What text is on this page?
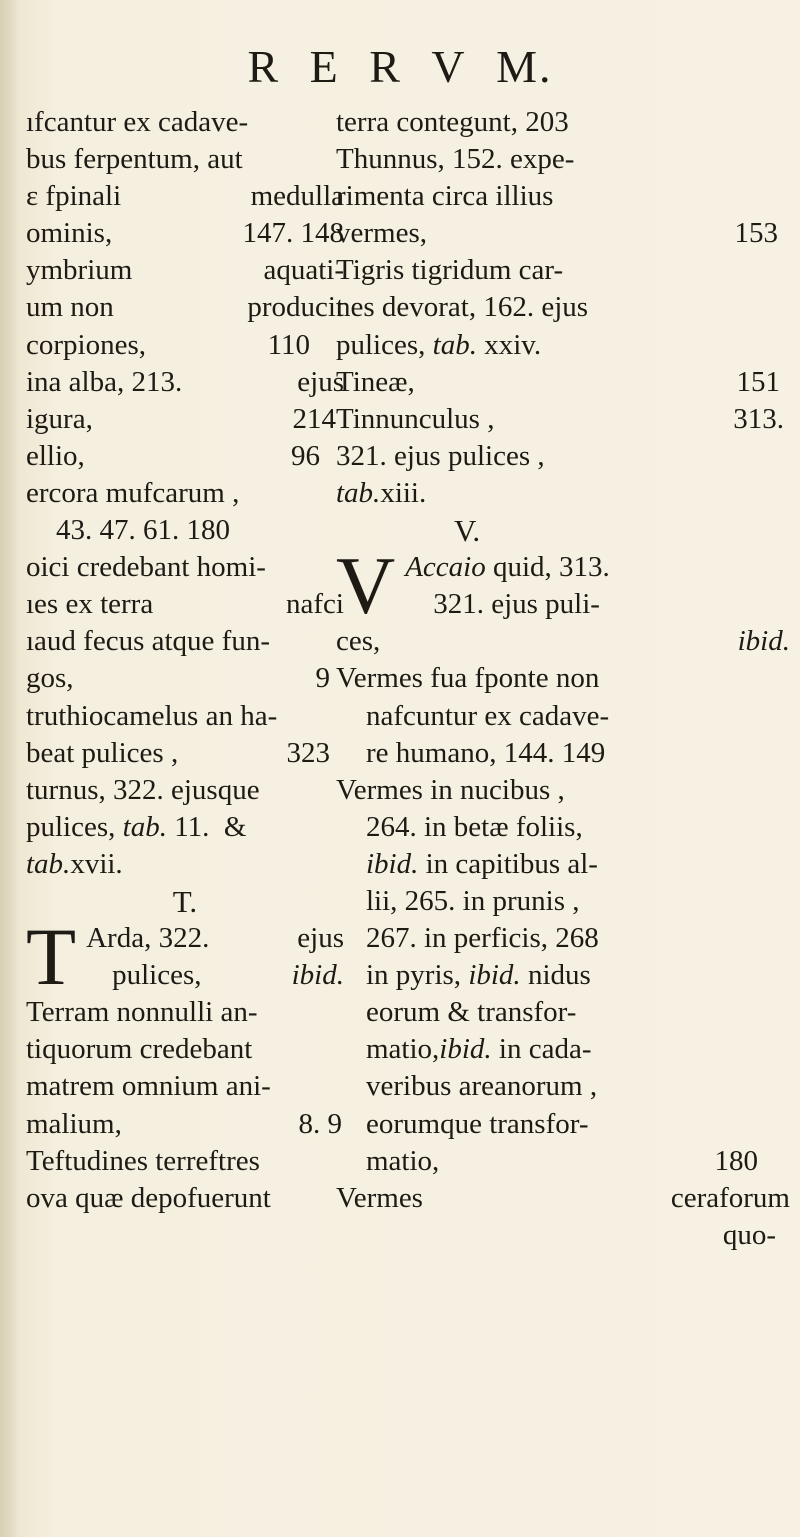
R E R V M.
ıfcantur ex cadave-
bus ferpentum, aut
ɛ fpinali	medulla
ominis,	147. 148
ymbrium	aquati-
um non	producit
corpiones,	110
ina alba, 213.	ejus
igura,	214
ellio,	96
ercora mufcarum ,
43. 47. 61. 180
oici credebant homi-
ıes ex terra	nafci
ıaud fecus atque fun-
gos,	9
truthiocamelus an ha-
beat pulices ,	323
turnus, 322. ejusque
pulices,
tab.
11.
&
tab. xvii.
T.
T Arda, 322.	ejus
pulices,	ibid.
Terram nonnulli an-
tiquorum credebant
matrem omnium ani-
malium,	8. 9
Teftudines terreftres
ova quæ depofuerunt
terra contegunt, 203
Thunnus, 152. expe-
rimenta circa illius
vermes,	153
Tigris tigridum car-
nes devorat, 162. ejus
pulices,
tab.
xxiv.
Tineæ,	151
Tinnunculus ,	313.
321. ejus pulices ,
tab. xiii.
V.
V Accaio
quid, 313.
321. ejus puli-
ces,	ibid.
Vermes fua fponte non
nafcuntur ex cadave-
re humano, 144. 149
Vermes in nucibus ,
264. in betæ foliis,
ibid.
in capitibus al-
lii, 265. in prunis ,
267. in perficis, 268
in pyris,
ibid.
nidus
eorum & transfor-
matio, ibid.
in cada-
veribus areanorum ,
eorumque transfor-
matio,	180
Vermes	ceraforum
quo-
